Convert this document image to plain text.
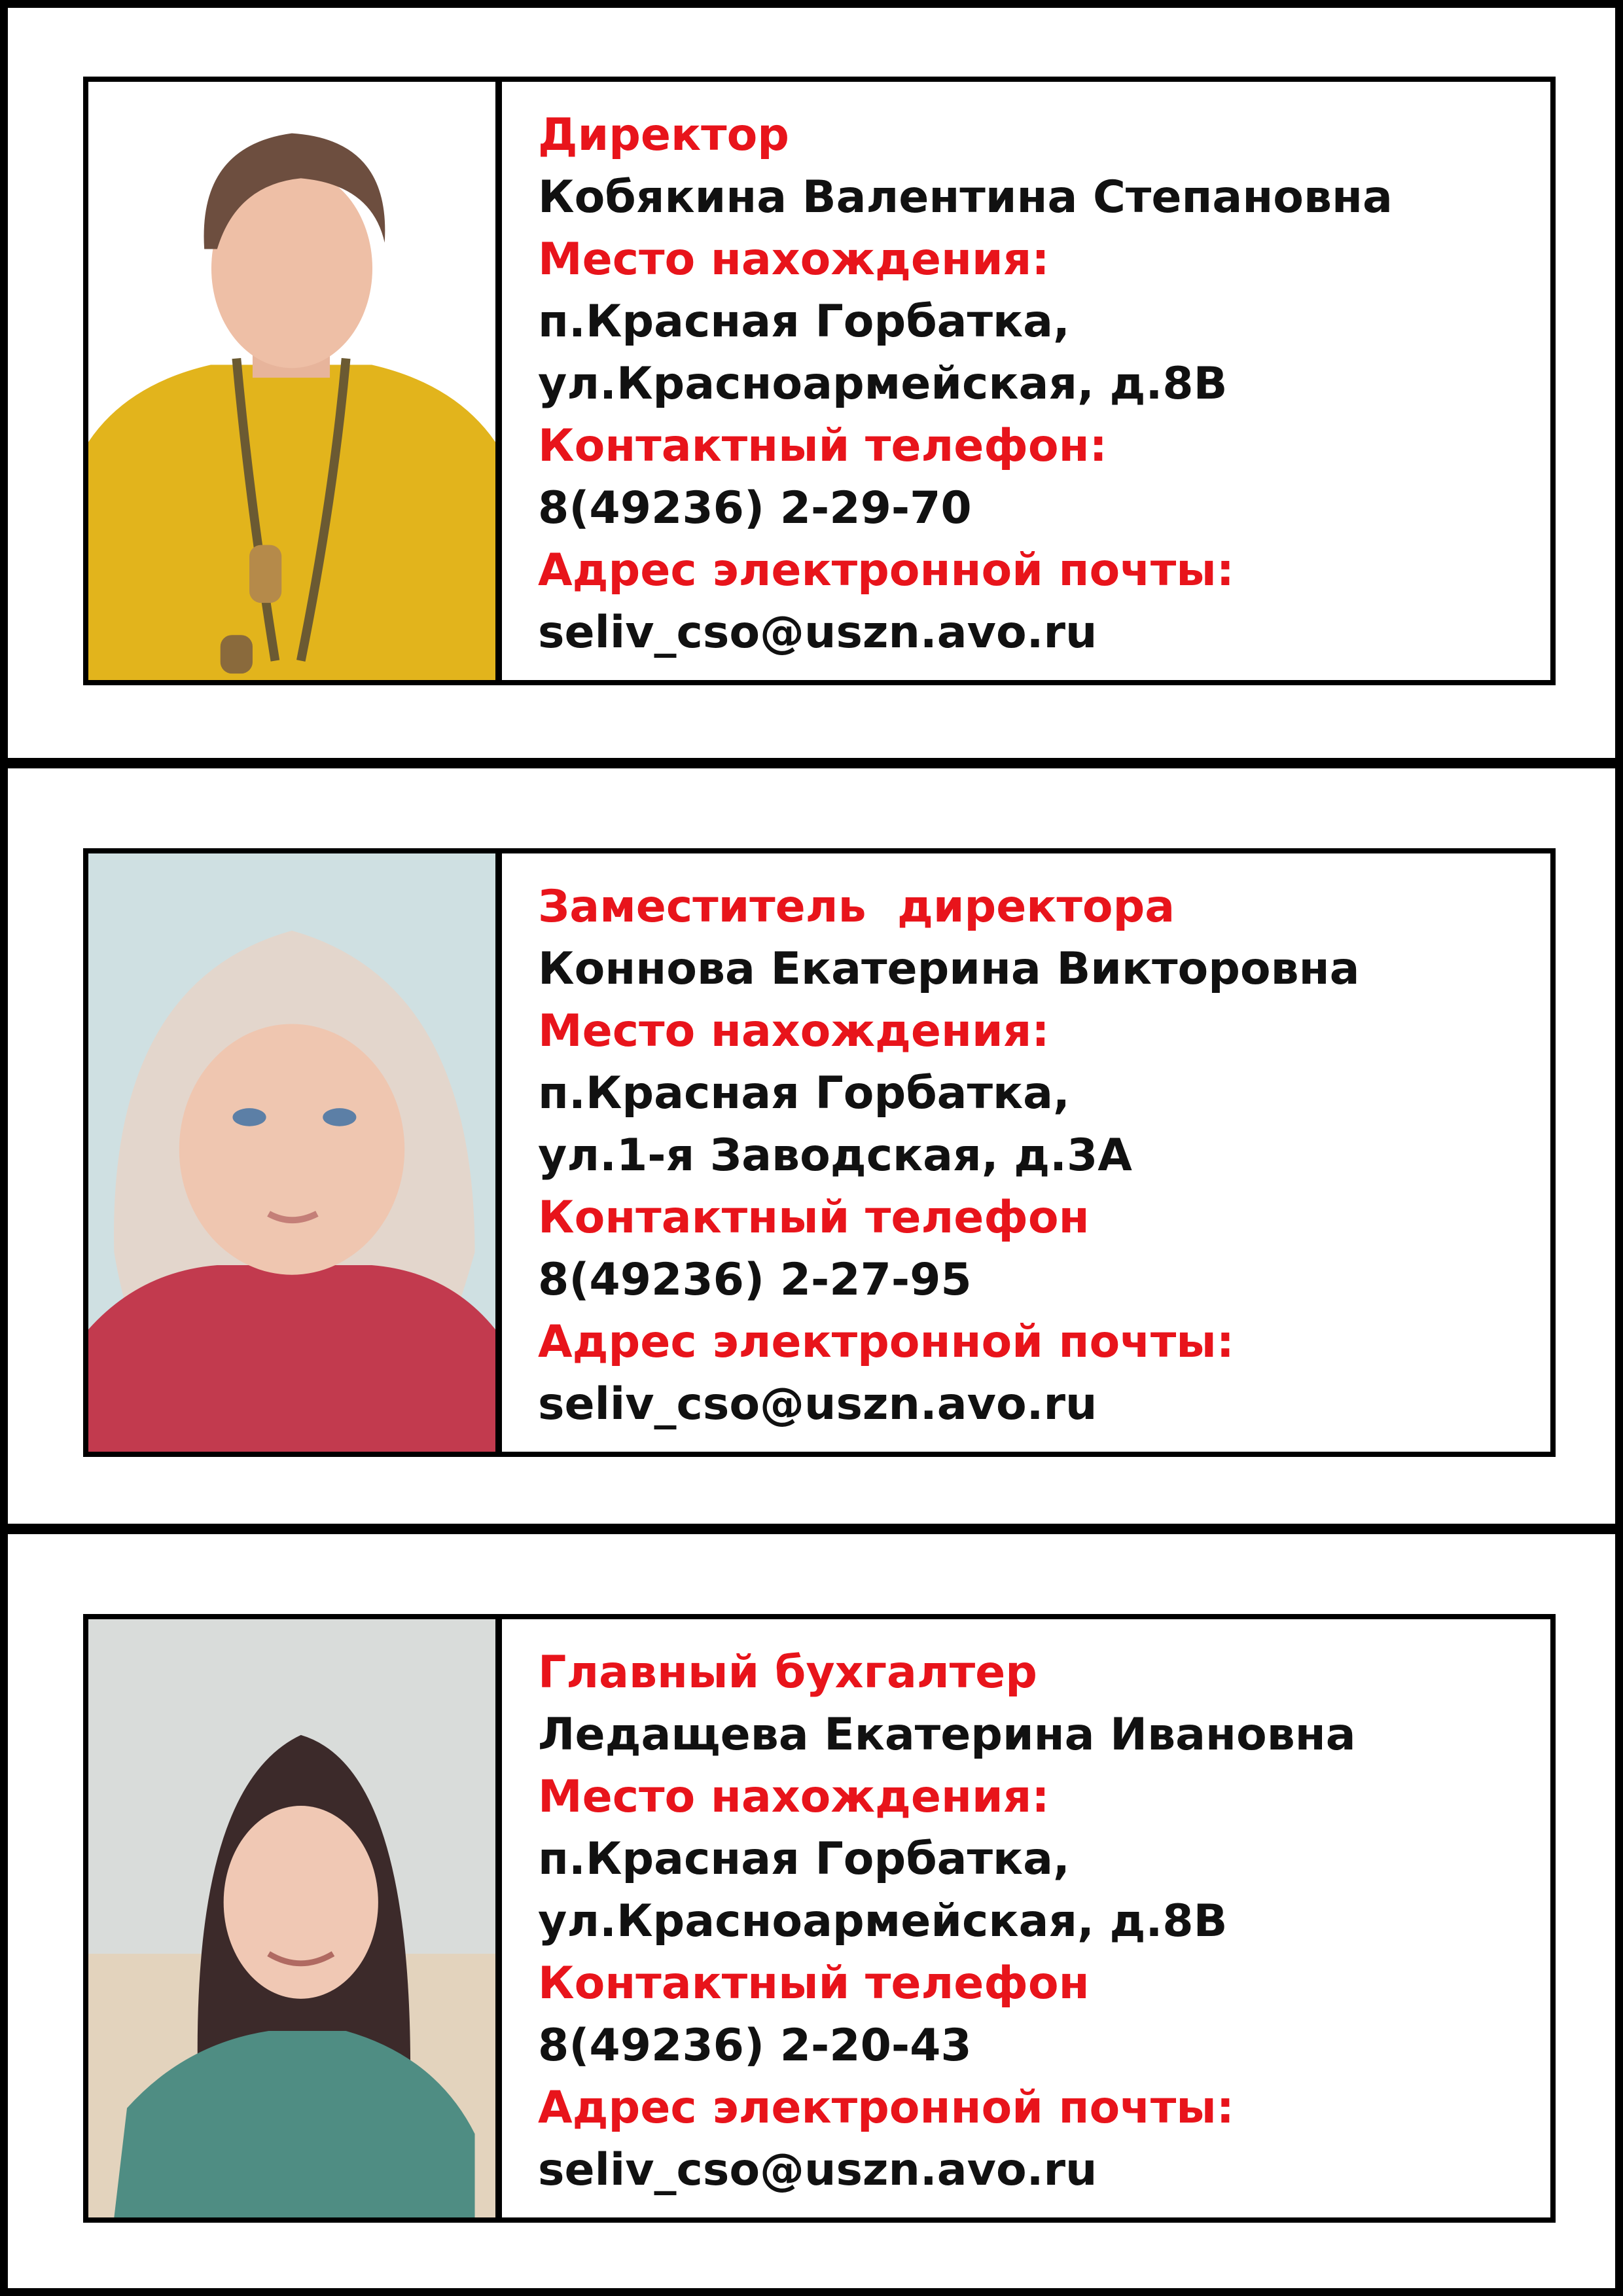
Директор
Кобякина Валентина Степановна
Место нахождения:
п.Красная Горбатка,
ул.Красноармейская, д.8В
Контактный телефон:
8(49236) 2-29-70
Адрес электронной почты:
seliv_cso@uszn.avo.ru
Заместитель  директора
Коннова Екатерина Викторовна
Место нахождения:
п.Красная Горбатка,
ул.1-я Заводская, д.3А
Контактный телефон
8(49236) 2-27-95
Адрес электронной почты:
seliv_cso@uszn.avo.ru
Главный бухгалтер
Ледащева Екатерина Ивановна
Место нахождения:
п.Красная Горбатка,
ул.Красноармейская, д.8В
Контактный телефон
8(49236) 2-20-43
Адрес электронной почты:
seliv_cso@uszn.avo.ru
